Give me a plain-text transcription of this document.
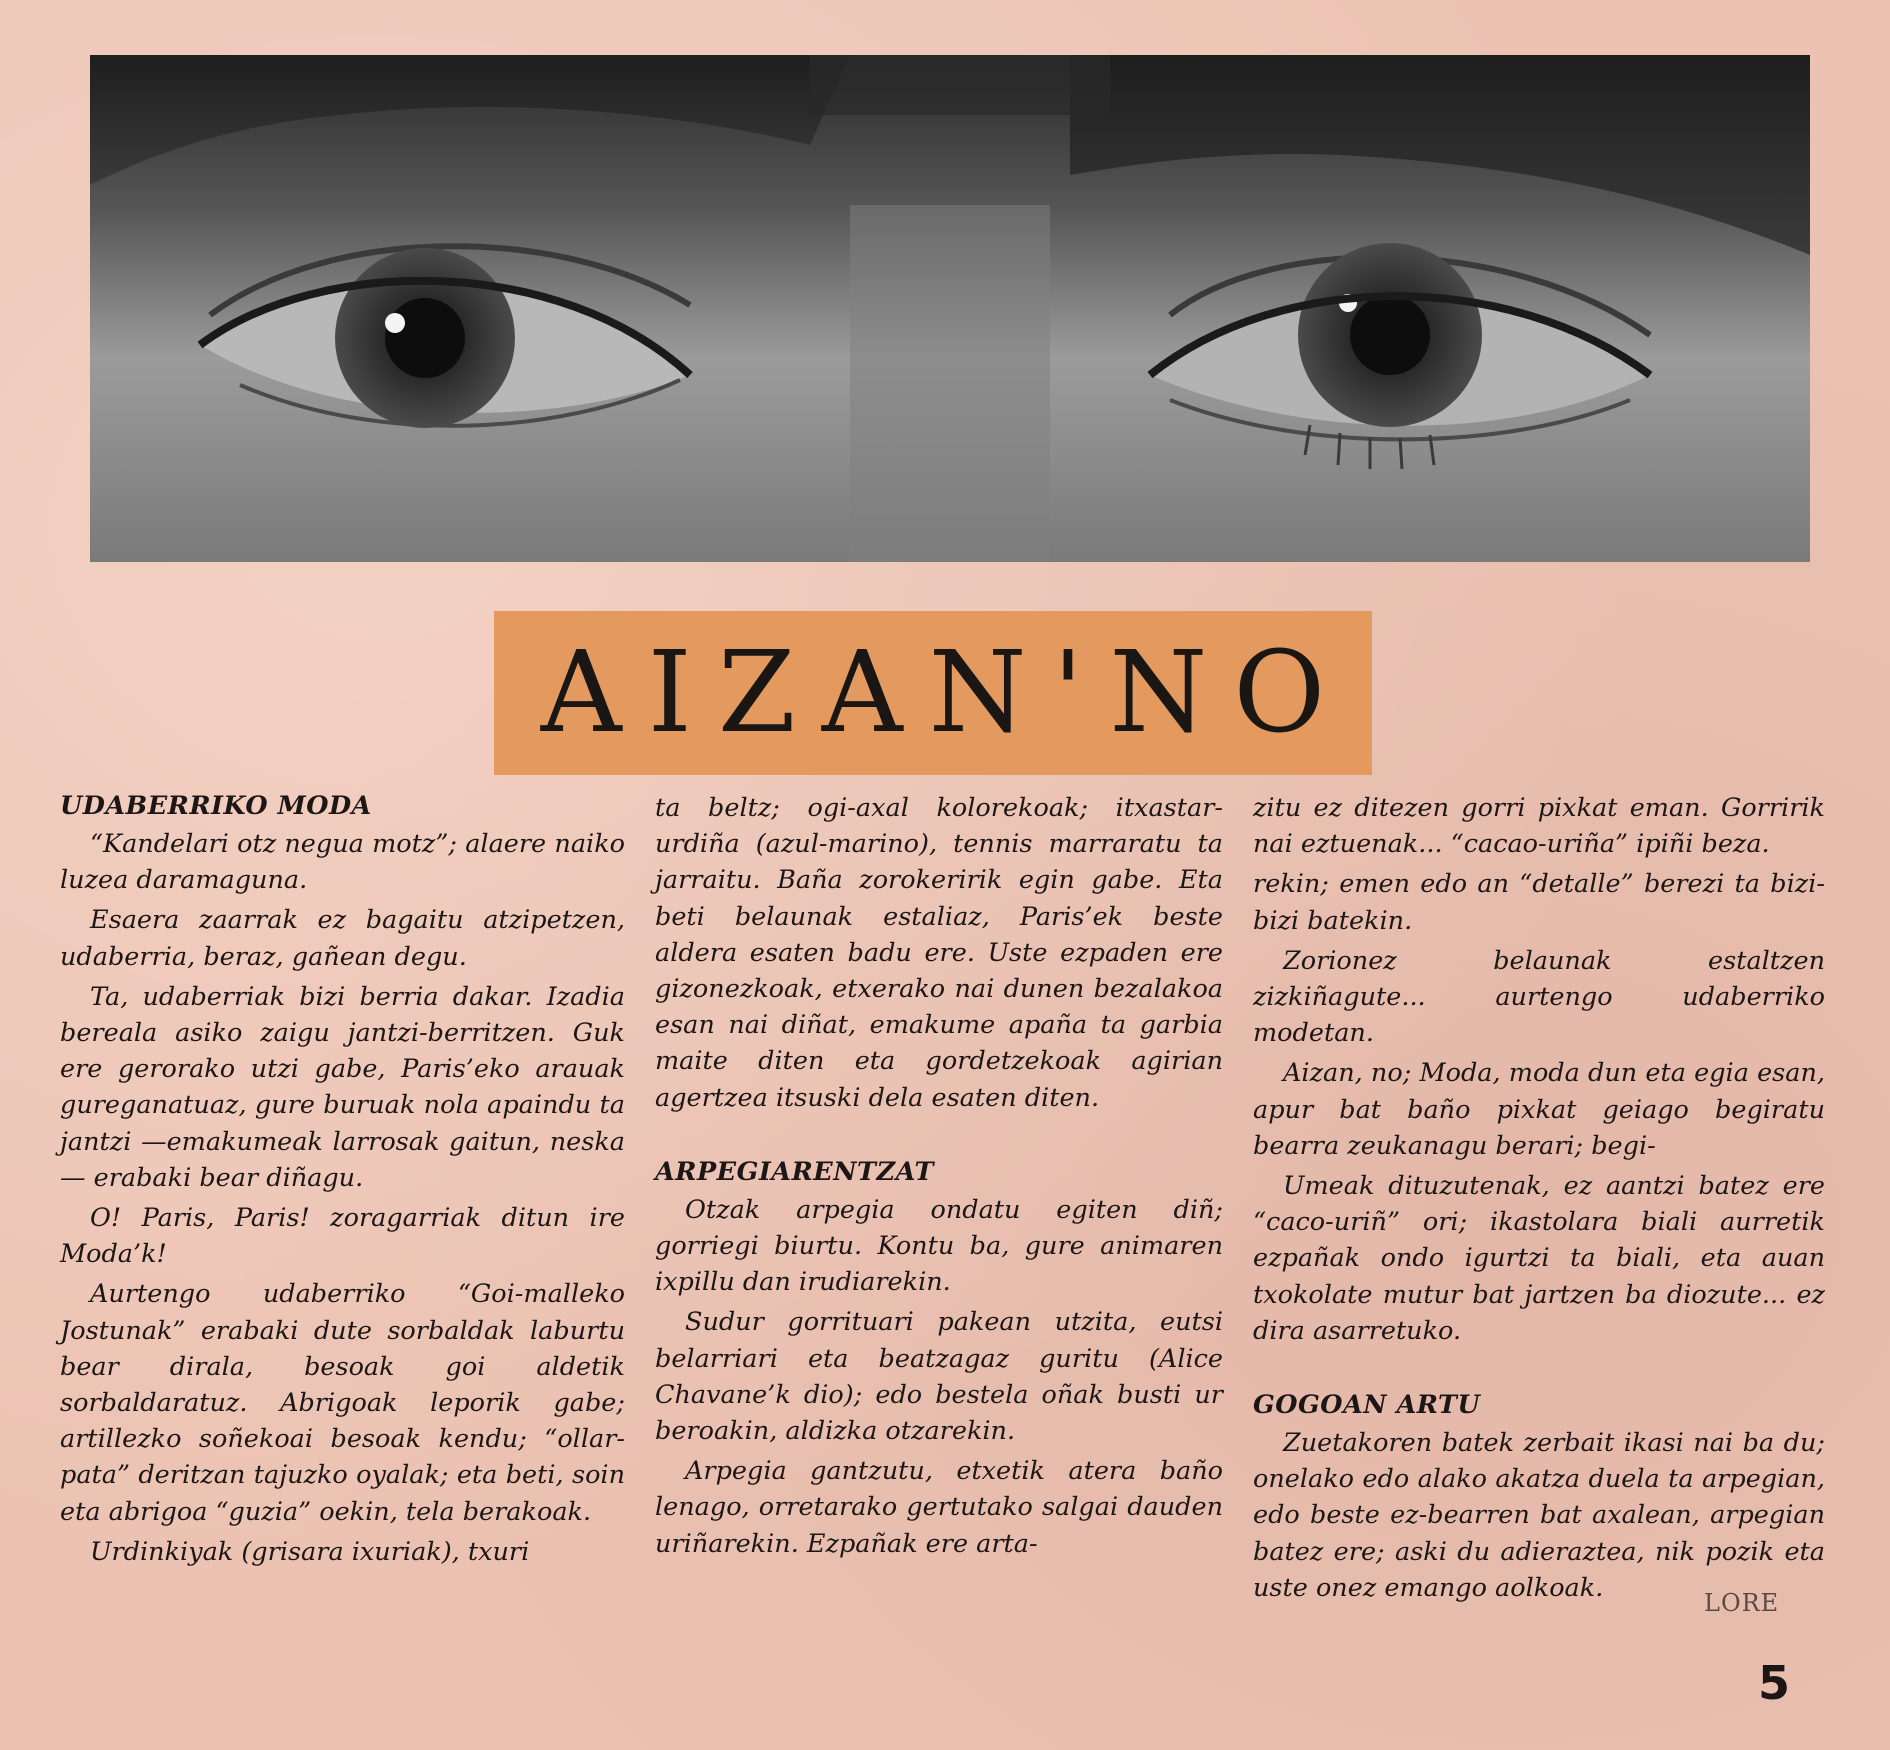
AIZAN'NO
UDABERRIKO MODA

“Kandelari otz negua motz”; alaere naiko luzea daramaguna.

Esaera zaarrak ez bagaitu atzipetzen, udaberria, beraz, gañean degu.

Ta, udaberriak bizi berria dakar. Izadia bereala asiko zaigu jantzi-berritzen. Guk ere gerorako utzi gabe, Paris’eko arauak gureganatuaz, gure buruak nola apaindu ta jantzi —emakumeak larrosak gaitun, neska— erabaki bear diñagu.

O! Paris, Paris! zoragarriak ditun ire Moda’k!

Aurtengo udaberriko “Goi-malleko Jostunak” erabaki dute sorbaldak laburtu bear dirala, besoak goi aldetik sorbaldaratuz. Abrigoak leporik gabe; artillezko soñekoai besoak kendu; “ollar-pata” deritzan tajuzko oyalak; eta beti, soin eta abrigoa “guzia” oekin, tela berakoak.

Urdinkiyak (grisara ixuriak), txuri

ta beltz; ogi-axal kolorekoak; itxastar-urdiña (azul-marino), tennis marraratu ta jarraitu. Baña zorokeririk egin gabe. Eta beti belaunak estaliaz, Paris’ek beste aldera esaten badu ere. Uste ezpaden ere gizonezkoak, etxerako nai dunen bezalakoa esan nai diñat, emakume apaña ta garbia maite diten eta gordetzekoak agirian agertzea itsuski dela esaten diten.

ARPEGIARENTZAT

Otzak arpegia ondatu egiten diñ; gorriegi biurtu. Kontu ba, gure animaren ixpillu dan irudiarekin.

Sudur gorrituari pakean utzita, eutsi belarriari eta beatzagaz guritu (Alice Chavane’k dio); edo bestela oñak busti ur beroakin, aldizka otzarekin.

Arpegia gantzutu, etxetik atera baño lenago, orretarako gertutako salgai dauden uriñarekin. Ezpañak ere arta-

zitu ez ditezen gorri pixkat eman. Gorririk nai eztuenak... “cacao-uriña” ipiñi beza.

rekin; emen edo an “detalle” berezi ta bizi-bizi batekin.

Zorionez belaunak estaltzen zizkiñagute... aurtengo udaberriko modetan.

Aizan, no; Moda, moda dun eta egia esan, apur bat baño pixkat geiago begiratu bearra zeukanagu berari; begi-

Umeak dituzutenak, ez aantzi batez ere “caco-uriñ” ori; ikastolara biali aurretik ezpañak ondo igurtzi ta biali, eta auan txokolate mutur bat jartzen ba diozute... ez dira asarretuko.

GOGOAN ARTU

Zuetakoren batek zerbait ikasi nai ba du; onelako edo alako akatza duela ta arpegian, edo beste ez-bearren bat axalean, arpegian batez ere; aski du adieraztea, nik pozik eta uste onez emango aolkoak.

LORE
5
